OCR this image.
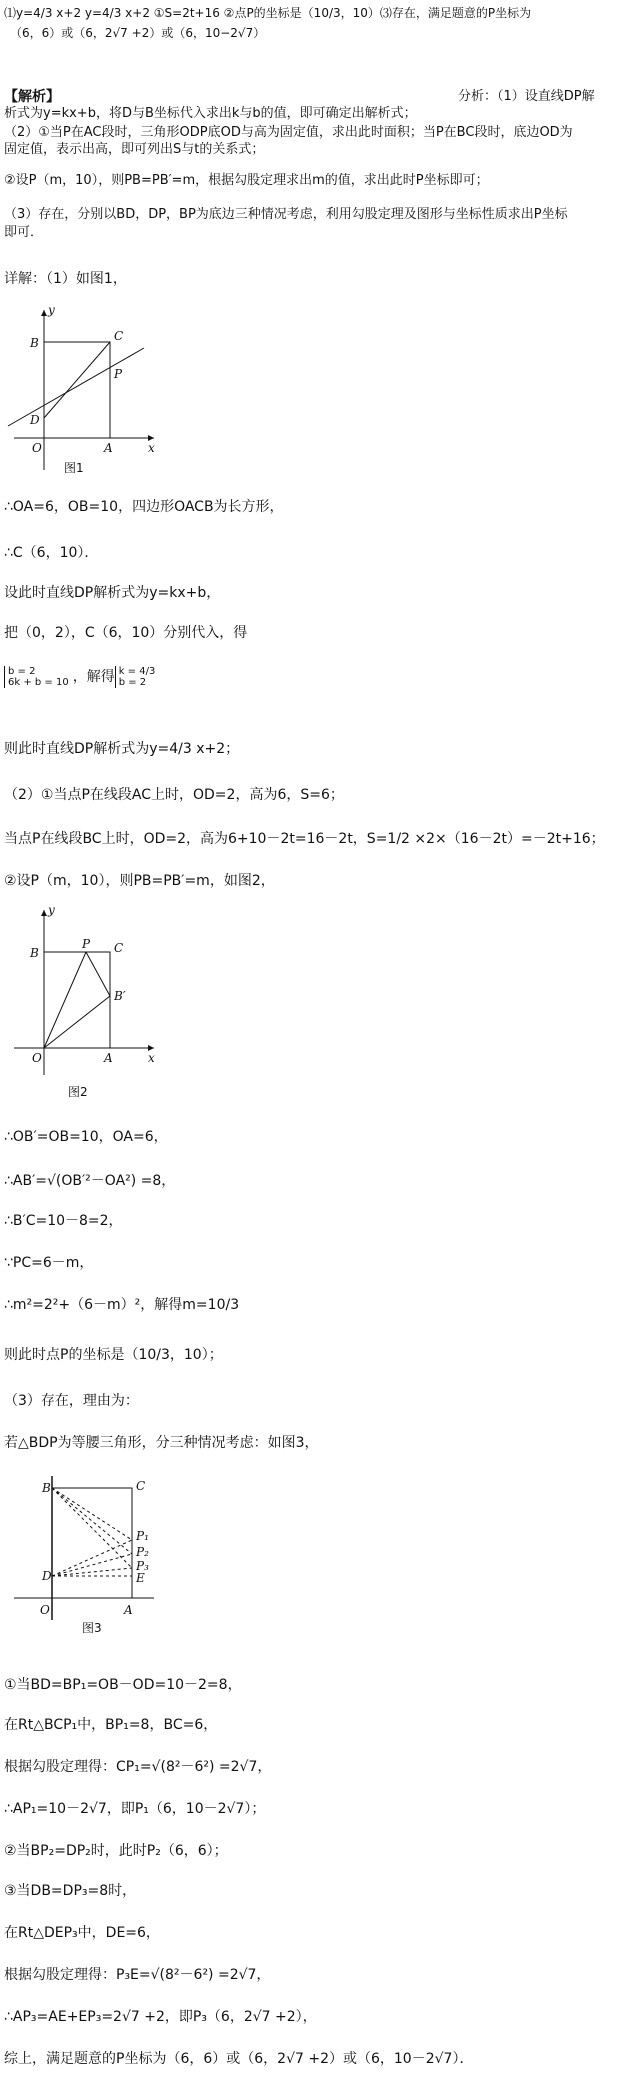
⑴y=4/3 x+2 y=4/3 x+2 ①S=2t+16 ②点P的坐标是（10/3，10）⑶存在，满足题意的P坐标为
（6，6）或（6，2√7 +2）或（6，10−2√7）
【解析】	分析：（1）设直线DP解
析式为y=kx+b，将D与B坐标代入求出k与b的值，即可确定出解析式；
（2）①当P在AC段时，三角形ODP底OD与高为固定值，求出此时面积；当P在BC段时，底边OD为
固定值，表示出高，即可列出S与t的关系式；
②设P（m，10），则PB=PB′=m，根据勾股定理求出m的值，求出此时P坐标即可；
（3）存在，分别以BD，DP，BP为底边三种情况考虑，利用勾股定理及图形与坐标性质求出P坐标
即可．
详解：（1）如图1，
y
x
O	A
B	C
D
P
图1
∴OA=6，OB=10，四边形OACB为长方形，
∴C（6，10）．
设此时直线DP解析式为y=kx+b，
把（0，2），C（6，10）分别代入，得
b = 2
6k + b = 10 ，解得 k = 4/3
b = 2
则此时直线DP解析式为y=4/3 x+2；
（2）①当点P在线段AC上时，OD=2，高为6，S=6；
当点P在线段BC上时，OD=2，高为6+10－2t=16－2t，S=1/2 ×2×（16－2t）=－2t+16；
②设P（m，10），则PB=PB′=m，如图2，
y
x
O	A
B	C
P
B′
图2
∴OB′=OB=10，OA=6，
∴AB′=√(OB′²－OA²) =8，
∴B′C=10－8=2，
∵PC=6－m，
∴m²=2²+（6－m）²，解得m=10/3
则此时点P的坐标是（10/3，10）；
（3）存在，理由为：
若△BDP为等腰三角形，分三种情况考虑：如图3，
B	C
P₁
P₂
P₃
E
D
O	A
图3
①当BD=BP₁=OB－OD=10－2=8，
在Rt△BCP₁中，BP₁=8，BC=6，
根据勾股定理得：CP₁=√(8²－6²) =2√7，
∴AP₁=10－2√7，即P₁（6，10－2√7）；
②当BP₂=DP₂时，此时P₂（6，6）；
③当DB=DP₃=8时，
在Rt△DEP₃中，DE=6，
根据勾股定理得：P₃E=√(8²－6²) =2√7，
∴AP₃=AE+EP₃=2√7 +2，即P₃（6，2√7 +2），
综上，满足题意的P坐标为（6，6）或（6，2√7 +2）或（6，10－2√7）．
